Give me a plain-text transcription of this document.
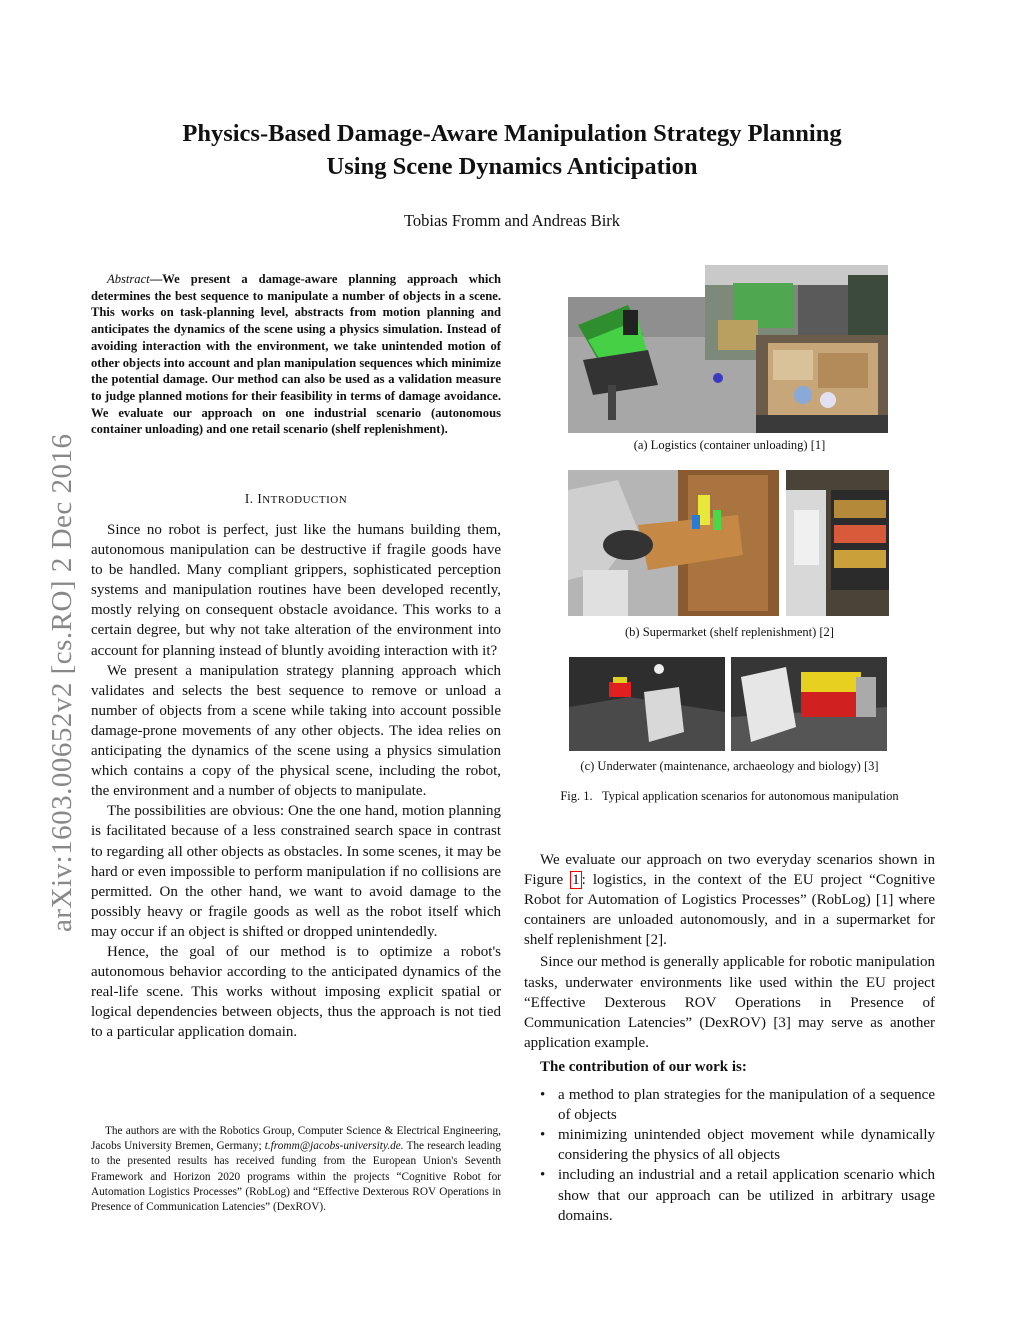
arXiv:1603.00652v2 [cs.RO] 2 Dec 2016
Physics-Based Damage-Aware Manipulation Strategy Planning
Using Scene Dynamics Anticipation
Tobias Fromm and Andreas Birk
Abstract—We present a damage-aware planning approach which determines the best sequence to manipulate a number of objects in a scene. This works on task-planning level, abstracts from motion planning and anticipates the dynamics of the scene using a physics simulation. Instead of avoiding interaction with the environment, we take unintended motion of other objects into account and plan manipulation sequences which minimize the potential damage. Our method can also be used as a validation measure to judge planned motions for their feasibility in terms of damage avoidance. We evaluate our approach on one industrial scenario (autonomous container unloading) and one retail scenario (shelf replenishment).
I. INTRODUCTION

Since no robot is perfect, just like the humans building them, autonomous manipulation can be destructive if fragile goods have to be handled. Many compliant grippers, sophisticated perception systems and manipulation routines have been developed recently, mostly relying on consequent obstacle avoidance. This works to a certain degree, but why not take alteration of the environment into account for planning instead of bluntly avoiding interaction with it?

We present a manipulation strategy planning approach which validates and selects the best sequence to remove or unload a number of objects from a scene while taking into account possible damage-prone movements of any other objects. The idea relies on anticipating the dynamics of the scene using a physics simulation which contains a copy of the physical scene, including the robot, the environment and a number of objects to manipulate.

The possibilities are obvious: One the one hand, motion planning is facilitated because of a less constrained search space in contrast to regarding all other objects as obstacles. In some scenes, it may be hard or even impossible to perform manipulation if no collisions are permitted. On the other hand, we want to avoid damage to the possibly heavy or fragile goods as well as the robot itself which may occur if an object is shifted or dropped unintendedly.

Hence, the goal of our method is to optimize a robot's autonomous behavior according to the anticipated dynamics of the real-life scene. This works without imposing explicit spatial or logical dependencies between objects, thus the approach is not tied to a particular application domain.

The authors are with the Robotics Group, Computer Science & Electrical Engineering, Jacobs University Bremen, Germany; t.fromm@jacobs-university.de. The research leading to the presented results has received funding from the European Union's Seventh Framework and Horizon 2020 programs within the projects “Cognitive Robot for Automation Logistics Processes” (RobLog) and “Effective Dexterous ROV Operations in Presence of Communication Latencies” (DexROV).

(a) Logistics (container unloading) [1]
(b) Supermarket (shelf replenishment) [2]
(c) Underwater (maintenance, archaeology and biology) [3]
Fig. 1. Typical application scenarios for autonomous manipulation

We evaluate our approach on two everyday scenarios shown in Figure 1 : logistics, in the context of the EU project “Cognitive Robot for Automation of Logistics Processes” (RobLog) [1] where containers are unloaded autonomously, and in a supermarket for shelf replenishment [2].

Since our method is generally applicable for robotic manipulation tasks, underwater environments like used within the EU project “Effective Dexterous ROV Operations in Presence of Communication Latencies” (DexROV) [3] may serve as another application example.

The contribution of our work is:

• a method to plan strategies for the manipulation of a sequence of objects
• minimizing unintended object movement while dynamically considering the physics of all objects
• including an industrial and a retail application scenario which show that our approach can be utilized in arbitrary usage domains.
